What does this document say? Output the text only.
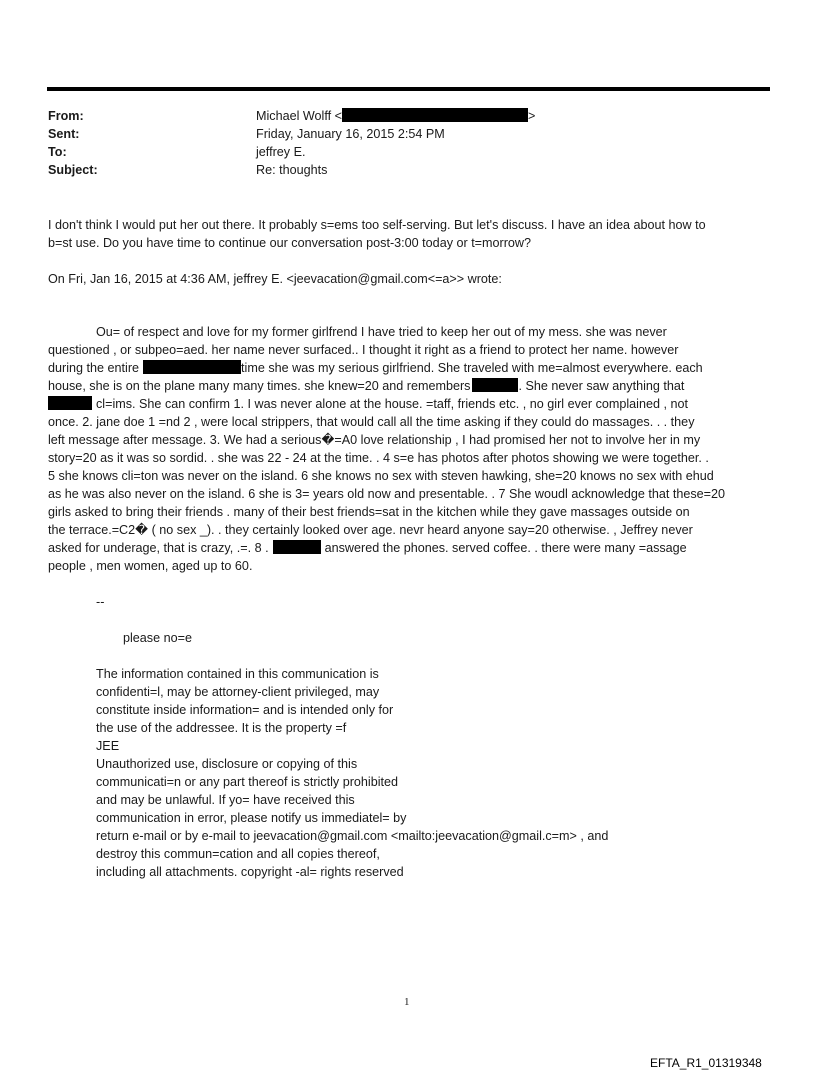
From:	Michael Wolff <	>
Sent:	Friday, January 16, 2015 2:54 PM
To:	jeffrey E.
Subject:	Re: thoughts
I don't think I would put her out there. It probably s=ems too self-serving. But let's discuss. I have an idea about how to
b=st use. Do you have time to continue our conversation post-3:00 today or t=morrow?
On Fri, Jan 16, 2015 at 4:36 AM, jeffrey E. <jeevacation@gmail.com<=a>> wrote:
Ou= of respect and love for my former girlfrend I have tried to keep her out of my mess. she was never
questioned , or subpeo=aed. her name never surfaced.. I thought it right as a friend to protect her name. however
during the entire	time she was my serious girlfriend. She traveled with me=almost everywhere. each
house, she is on the plane many many times. she knew=20 and remembers	. She never saw anything that
cl=ims. She can confirm 1. I was never alone at the house. =taff, friends etc. , no girl ever complained , not
once. 2. jane doe 1 =nd 2 , were local strippers, that would call all the time asking if they could do massages. . . they
left message after message. 3. We had a serious�=A0 love relationship , I had promised her not to involve her in my
story=20 as it was so sordid. . she was 22 - 24 at the time. . 4 s=e has photos after photos showing we were together. .
5 she knows cli=ton was never on the island. 6 she knows no sex with steven hawking, she=20 knows no sex with ehud
as he was also never on the island. 6 she is 3= years old now and presentable. . 7 She woudl acknowledge that these=20
girls asked to bring their friends . many of their best friends=sat in the kitchen while they gave massages outside on
the terrace.=C2� ( no sex _). . they certainly looked over age. nevr heard anyone say=20 otherwise. , Jeffrey never
asked for underage, that is crazy, .=. 8 .	answered the phones. served coffee. . there were many =assage
people , men women, aged up to 60.
--
please no=e
The information contained in this communication is
confidenti=l, may be attorney-client privileged, may
constitute inside information= and is intended only for
the use of the addressee. It is the property =f
JEE
Unauthorized use, disclosure or copying of this
communicati=n or any part thereof is strictly prohibited
and may be unlawful. If yo= have received this
communication in error, please notify us immediatel= by
return e-mail or by e-mail to jeevacation@gmail.com <mailto:jeevacation@gmail.c=m> , and
destroy this commun=cation and all copies thereof,
including all attachments. copyright -al= rights reserved
1
EFTA_R1_01319348
